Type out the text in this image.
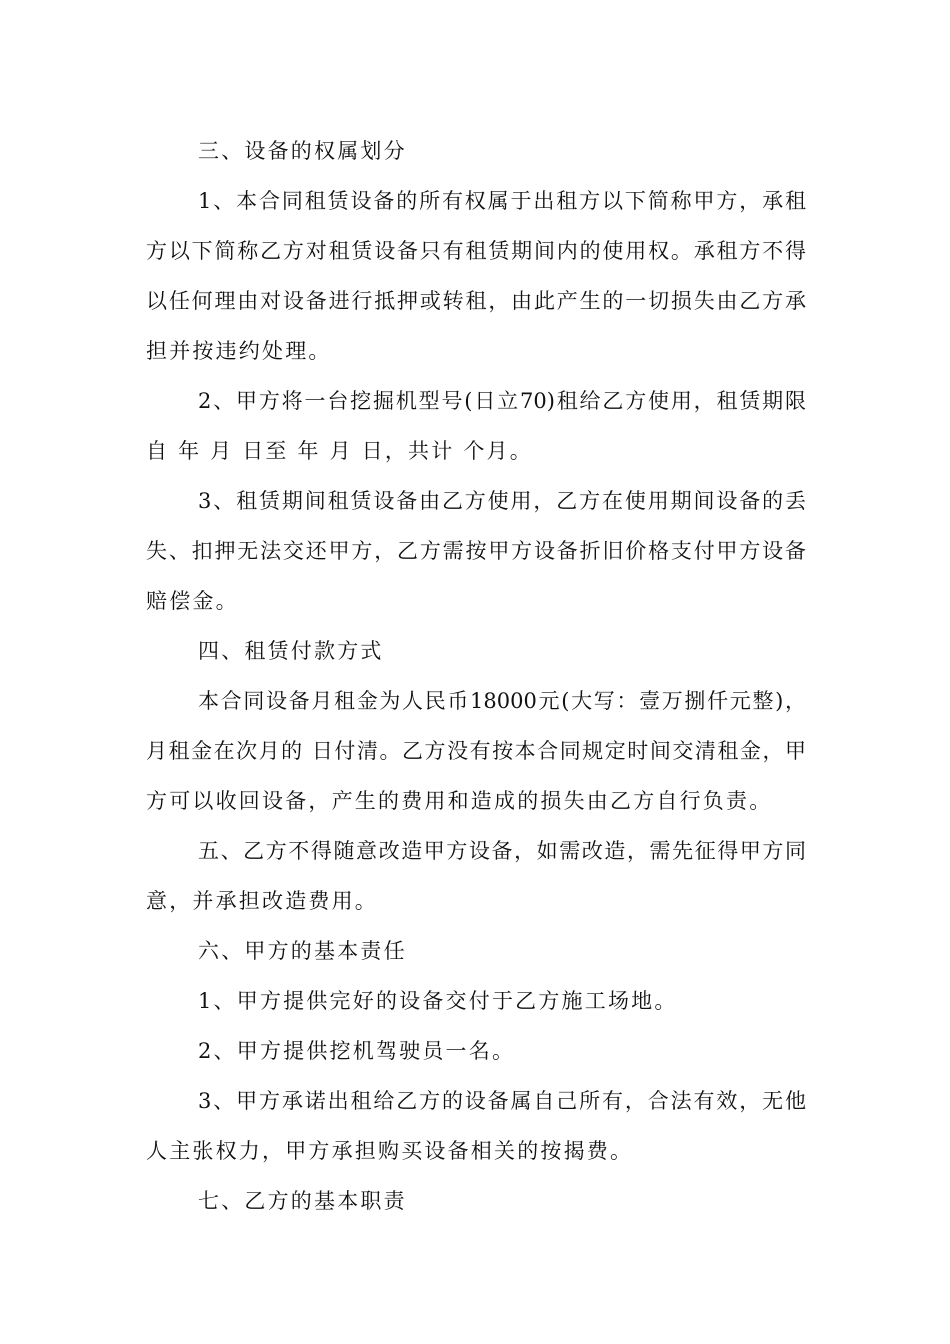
三、设备的权属划分
1、本合同租赁设备的所有权属于出租方以下简称甲方，承租
方以下简称乙方对租赁设备只有租赁期间内的使用权。承租方不得
以任何理由对设备进行抵押或转租，由此产生的一切损失由乙方承
担并按违约处理。
2、甲方将一台挖掘机型号(日立70)租给乙方使用，租赁期限
自 年 月 日至 年 月 日，共计 个月。
3、租赁期间租赁设备由乙方使用，乙方在使用期间设备的丢
失、扣押无法交还甲方，乙方需按甲方设备折旧价格支付甲方设备
赔偿金。
四、租赁付款方式
本合同设备月租金为人民币18000元(大写：壹万捌仟元整)，
月租金在次月的 日付清。乙方没有按本合同规定时间交清租金，甲
方可以收回设备，产生的费用和造成的损失由乙方自行负责。
五、乙方不得随意改造甲方设备，如需改造，需先征得甲方同
意，并承担改造费用。
六、甲方的基本责任
1、甲方提供完好的设备交付于乙方施工场地。
2、甲方提供挖机驾驶员一名。
3、甲方承诺出租给乙方的设备属自己所有，合法有效，无他
人主张权力，甲方承担购买设备相关的按揭费。
七、乙方的基本职责
